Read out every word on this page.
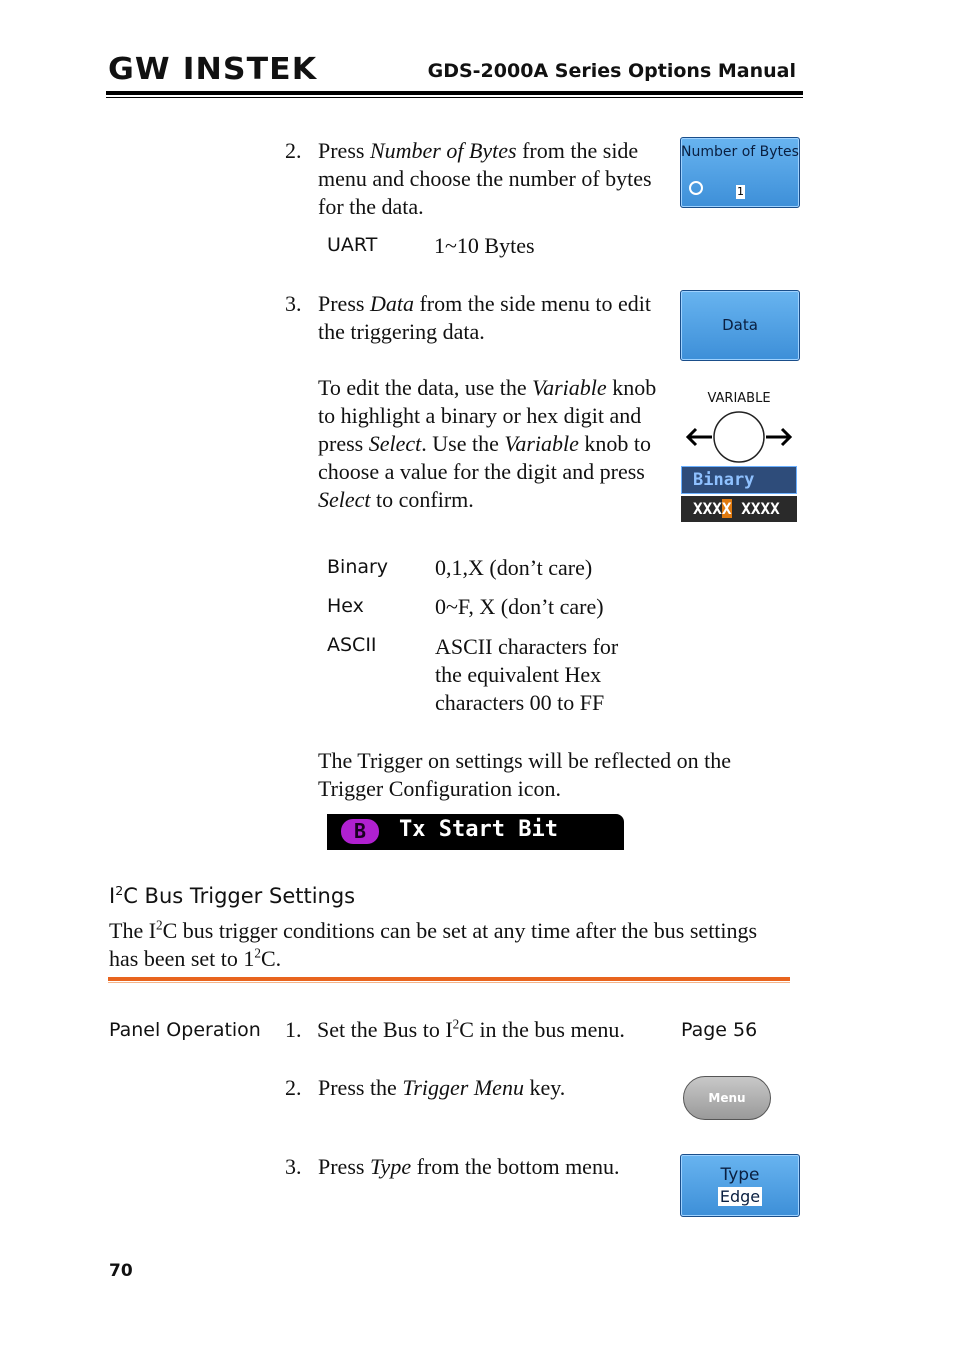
GW INSTEK	GDS-2000A Series Options Manual
2. Press Number of Bytes from the side menu and choose the number of bytes for the data.
Number of Bytes
1
UART	1~10 Bytes
3. Press Data from the side menu to edit the triggering data.	Data
To edit the data, use the Variable knob to highlight a binary or hex digit and press Select. Use the Variable knob to choose a value for the digit and press Select to confirm.
VARIABLE
Binary
XXXX XXXX
Binary 0,1,X (don’t care)
Hex	0~F, X (don’t care)
ASCII	ASCII characters for the equivalent Hex characters 00 to FF
The Trigger on settings will be reflected on the Trigger Configuration icon.
B	Tx Start Bit
$I^2C$ Bus Trigger Settings
The $I^2C$ bus trigger conditions can be set at any time after the bus settings has been set to $1^2C$.
Panel Operation 1. Set the Bus to $I^2C$ in the bus menu.	Page 56
2. Press the Trigger Menu key.	Menu
3. Press Type from the bottom menu.	Type
Edge
70
